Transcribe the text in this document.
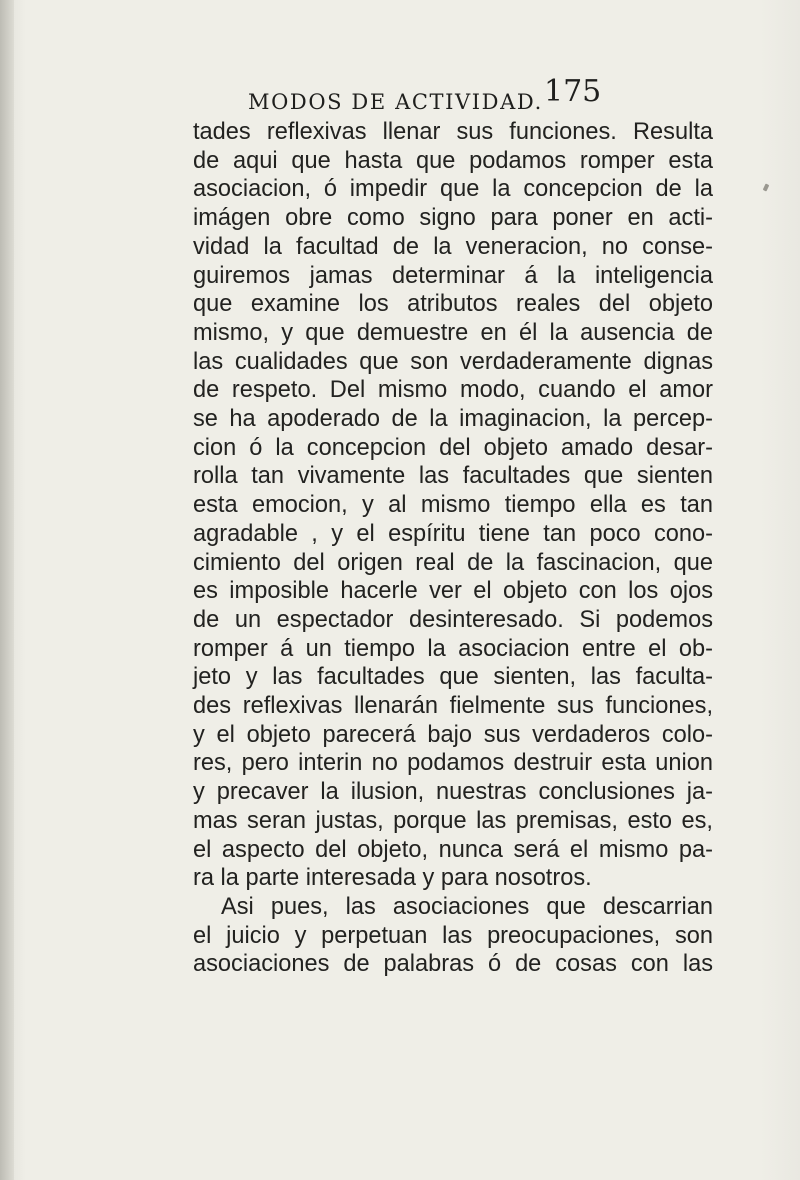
MODOS DE ACTIVIDAD. 175
tades reflexivas llenar sus funciones. Resulta
de aqui que hasta que podamos romper esta
asociacion, ó impedir que la concepcion de la
imágen obre como signo para poner en acti-
vidad la facultad de la veneracion, no conse-
guiremos jamas determinar á la inteligencia
que examine los atributos reales del objeto
mismo, y que demuestre en él la ausencia de
las cualidades que son verdaderamente dignas
de respeto. Del mismo modo, cuando el amor
se ha apoderado de la imaginacion, la percep-
cion ó la concepcion del objeto amado desar-
rolla tan vivamente las facultades que sienten
esta emocion, y al mismo tiempo ella es tan
agradable , y el espíritu tiene tan poco cono-
cimiento del origen real de la fascinacion, que
es imposible hacerle ver el objeto con los ojos
de un espectador desinteresado. Si podemos
romper á un tiempo la asociacion entre el ob-
jeto y las facultades que sienten, las faculta-
des reflexivas llenarán fielmente sus funciones,
y el objeto parecerá bajo sus verdaderos colo-
res, pero interin no podamos destruir esta union
y precaver la ilusion, nuestras conclusiones ja-
mas seran justas, porque las premisas, esto es,
el aspecto del objeto, nunca será el mismo pa-
ra la parte interesada y para nosotros.
Asi pues, las asociaciones que descarrian
el juicio y perpetuan las preocupaciones, son
asociaciones de palabras ó de cosas con las
